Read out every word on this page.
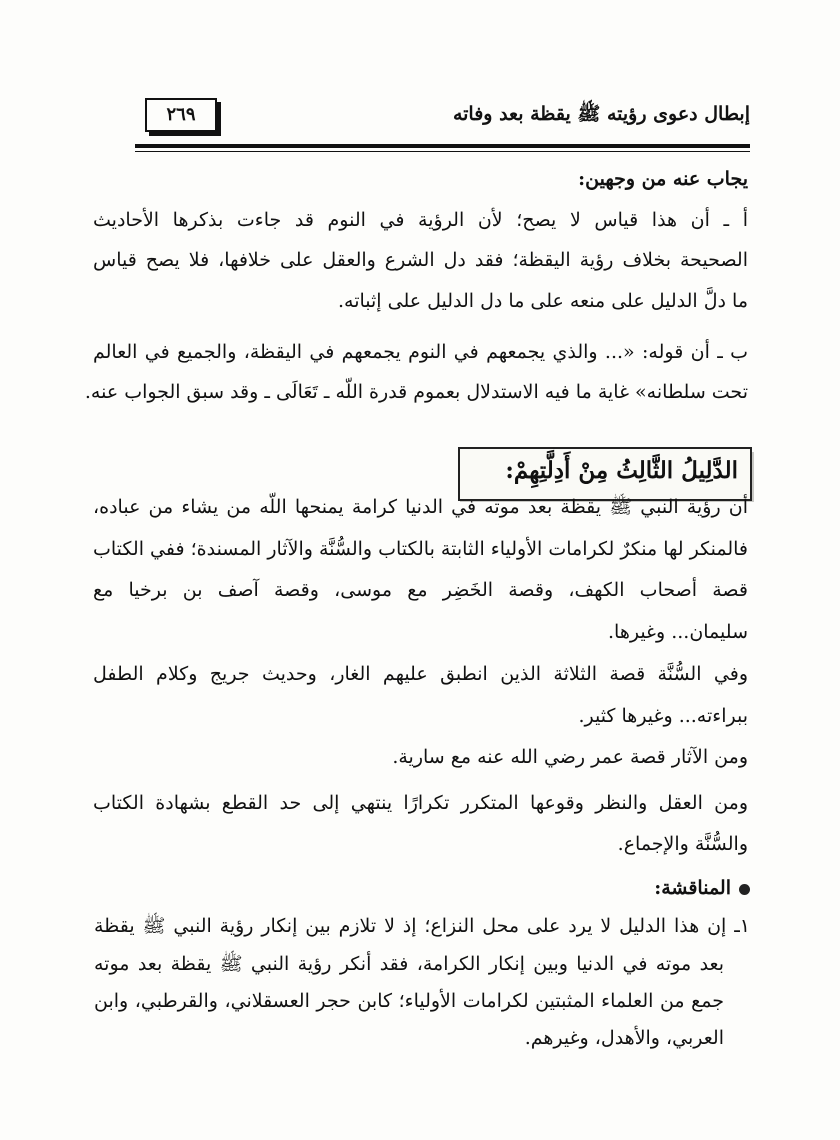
إبطال دعوى رؤيته ﷺ يقظة بعد وفاته
٢٦٩
يجاب عنه من وجهين:
أ ـ أن هذا قياس لا يصح؛ لأن الرؤية في النوم قد جاءت بذكرها الأحاديث
الصحيحة بخلاف رؤية اليقظة؛ فقد دل الشرع والعقل على خلافها، فلا يصح قياس
ما دلَّ الدليل على منعه على ما دل الدليل على إثباته.
ب ـ أن قوله: «... والذي يجمعهم في النوم يجمعهم في اليقظة، والجميع في العالم
تحت سلطانه» غاية ما فيه الاستدلال بعموم قدرة اللّه ـ تَعَالَى ـ وقد سبق الجواب عنه.
الدَّلِيلُ الثَّالِثُ مِنْ أَدِلَّتِهِمْ:
أن رؤية النبي ﷺ يقظة بعد موته في الدنيا كرامة يمنحها اللّه من يشاء من عباده،
فالمنكر لها منكرٌ لكرامات الأولياء الثابتة بالكتاب والسُّنَّة والآثار المسندة؛ ففي الكتاب
قصة أصحاب الكهف، وقصة الخَضِر مع موسى، وقصة آصف بن برخيا مع
سليمان... وغيرها.
وفي السُّنَّة قصة الثلاثة الذين انطبق عليهم الغار، وحديث جريج وكلام الطفل
ببراءته... وغيرها كثير.
ومن الآثار قصة عمر رضي الله عنه مع سارية.
ومن العقل والنظر وقوعها المتكرر تكرارًا ينتهي إلى حد القطع بشهادة الكتاب
والسُّنَّة والإجماع.
المناقشة:
١ـ إن هذا الدليل لا يرد على محل النزاع؛ إذ لا تلازم بين إنكار رؤية النبي ﷺ يقظة
بعد موته في الدنيا وبين إنكار الكرامة، فقد أنكر رؤية النبي ﷺ يقظة بعد موته
جمع من العلماء المثبتين لكرامات الأولياء؛ كابن حجر العسقلاني، والقرطبي، وابن
العربي، والأهدل، وغيرهم.
